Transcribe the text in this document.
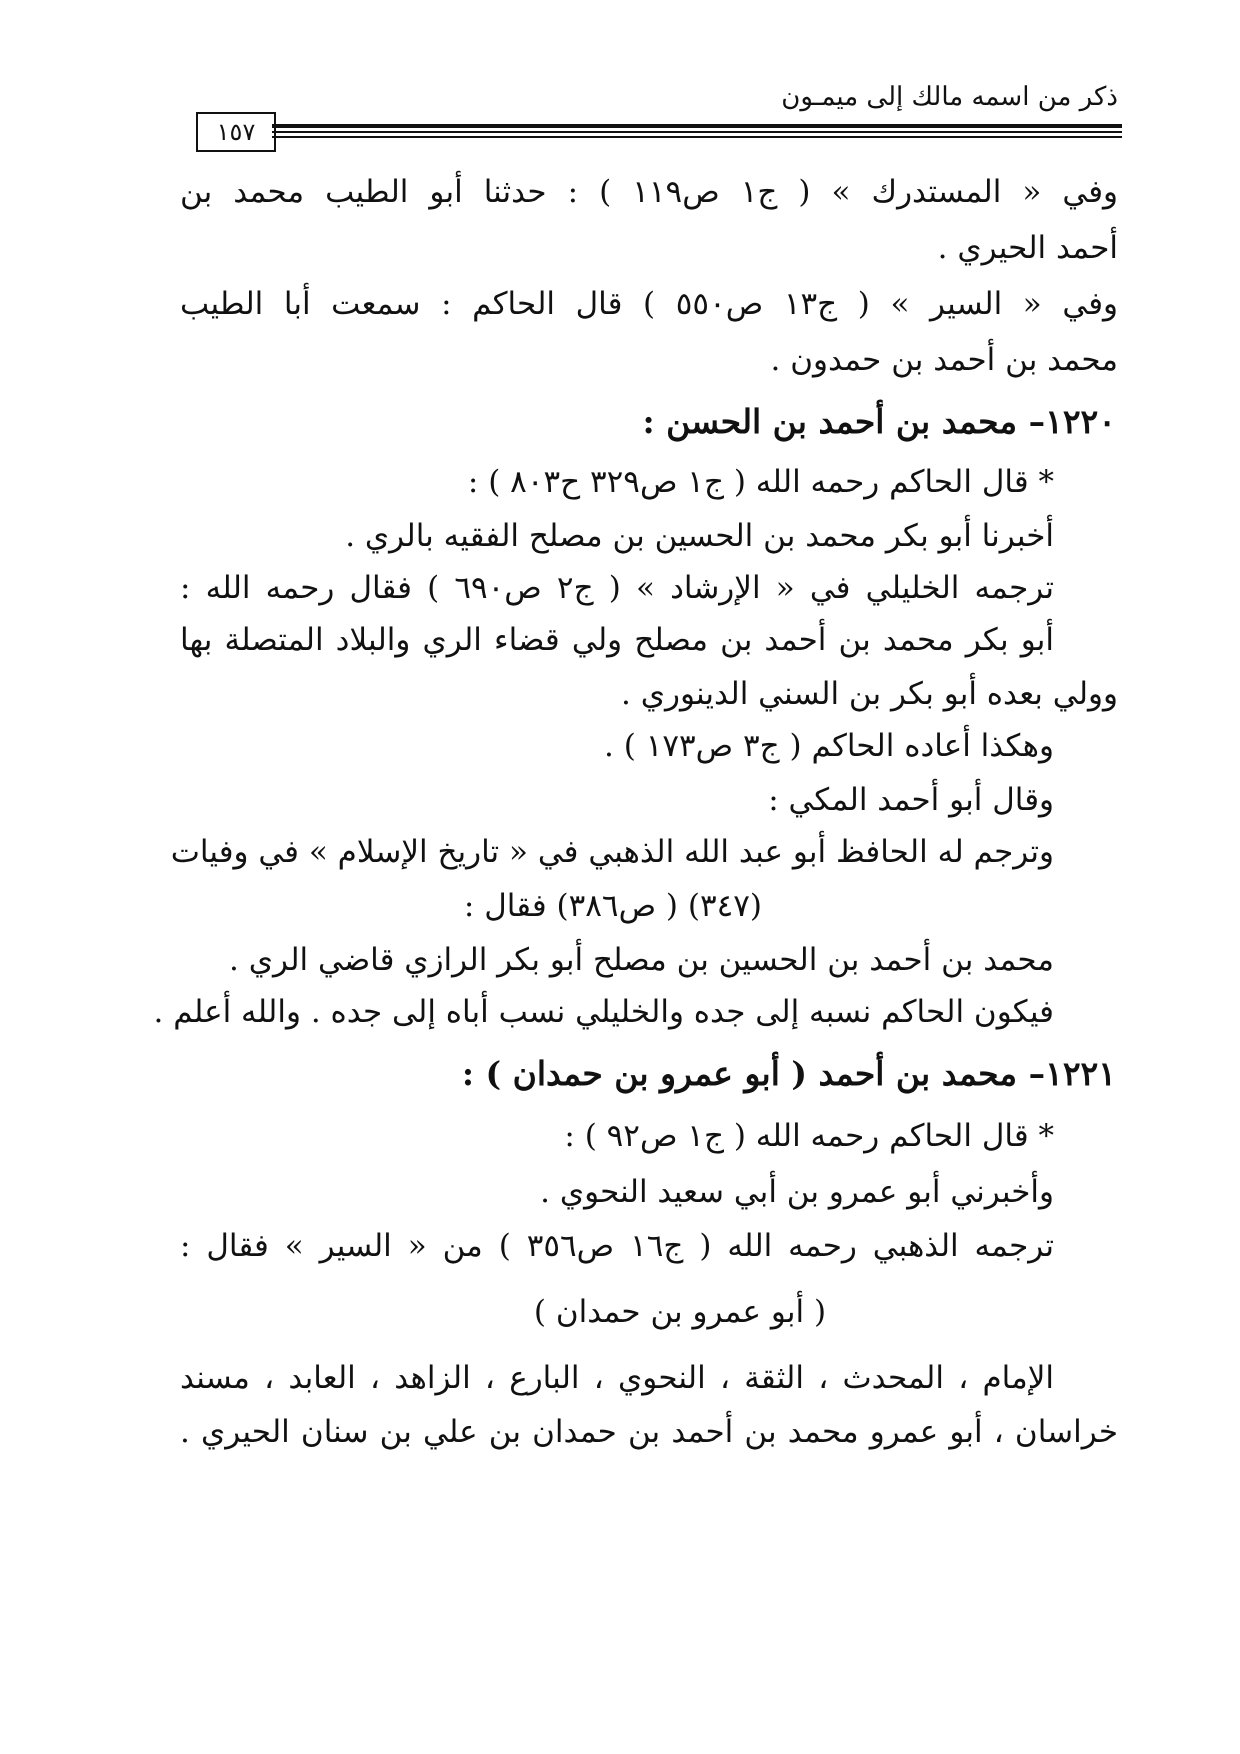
ذكر من اسمه مالك إلى ميمـون
١٥٧
وفي « المستدرك » ( ج١ ص١١٩ ) : حدثنا أبو الطيب محمد بن
أحمد الحيري .
وفي « السير » ( ج١٣ ص٥٥٠ ) قال الحاكم : سمعت أبا الطيب
محمد بن أحمد بن حمدون .
١٢٢٠– محمد بن أحمد بن الحسن :
* قال الحاكم رحمه الله ( ج١ ص٣٢٩ ح٨٠٣ ) :
أخبرنا أبو بكر محمد بن الحسين بن مصلح الفقيه بالري .
ترجمه الخليلي في « الإرشاد » ( ج٢ ص٦٩٠ ) فقال رحمه الله :
أبو بكر محمد بن أحمد بن مصلح ولي قضاء الري والبلاد المتصلة بها
وولي بعده أبو بكر بن السني الدينوري .
وهكذا أعاده الحاكم ( ج٣ ص١٧٣ ) .
وقال أبو أحمد المكي :
وترجم له الحافظ أبو عبد الله الذهبي في « تاريخ الإسلام » في وفيات
(٣٤٧) ( ص٣٨٦) فقال :
محمد بن أحمد بن الحسين بن مصلح أبو بكر الرازي قاضي الري .
فيكون الحاكم نسبه إلى جده والخليلي نسب أباه إلى جده . والله أعلم .
١٢٢١– محمد بن أحمد ( أبو عمرو بن حمدان ) :
* قال الحاكم رحمه الله ( ج١ ص٩٢ ) :
وأخبرني أبو عمرو بن أبي سعيد النحوي .
ترجمه الذهبي رحمه الله ( ج١٦ ص٣٥٦ ) من « السير » فقال :
( أبو عمرو بن حمدان )
الإمام ، المحدث ، الثقة ، النحوي ، البارع ، الزاهد ، العابد ، مسند
خراسان ، أبو عمرو محمد بن أحمد بن حمدان بن علي بن سنان الحيري .
